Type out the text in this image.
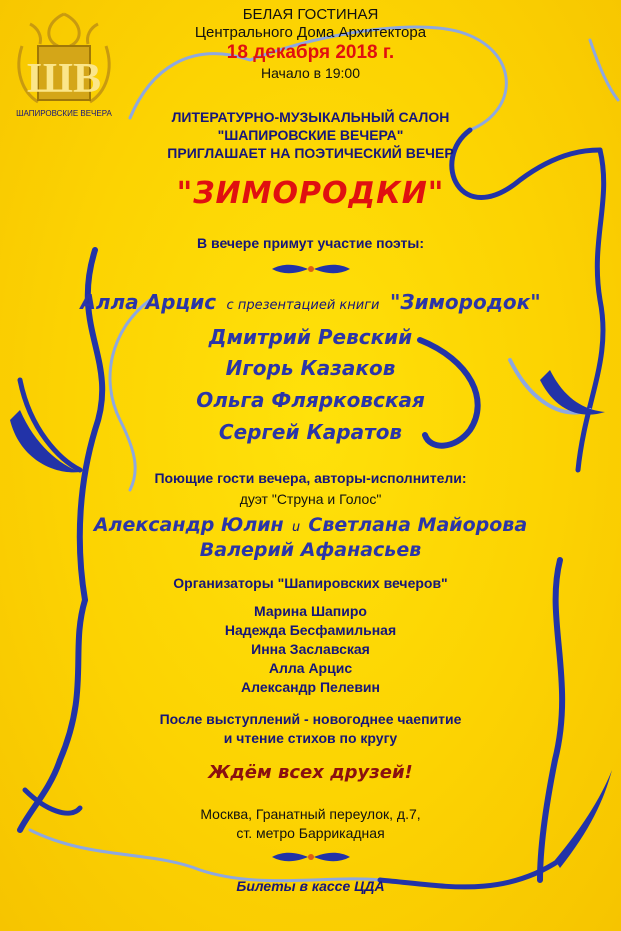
ШВ
ШАПИРОВСКИЕ ВЕЧЕРА

БЕЛАЯ ГОСТИНАЯ

Центрального Дома Архитектора

18 декабря 2018 г.

Начало в 19:00

ЛИТЕРАТУРНО-МУЗЫКАЛЬНЫЙ САЛОН

"ШАПИРОВСКИЕ ВЕЧЕРА"

ПРИГЛАШАЕТ НА ПОЭТИЧЕСКИЙ ВЕЧЕР

"ЗИМОРОДКИ"

В вечере примут участие поэты:

Алла Арцис с презентацией книги "Зимородок"

Дмитрий Ревский

Игорь Казаков

Ольга Флярковская

Сергей Каратов

Поющие гости вечера, авторы-исполнители:

дуэт "Струна и Голос"

Александр Юлин и Светлана Майорова

Валерий Афанасьев

Организаторы "Шапировских вечеров"

Марина Шапиро

Надежда Бесфамильная

Инна Заславская

Алла Арцис

Александр Пелевин

После выступлений - новогоднее чаепитие

и чтение стихов по кругу

Ждём всех друзей!

Москва, Гранатный переулок, д.7,

ст. метро Баррикадная

Билеты в кассе ЦДА
